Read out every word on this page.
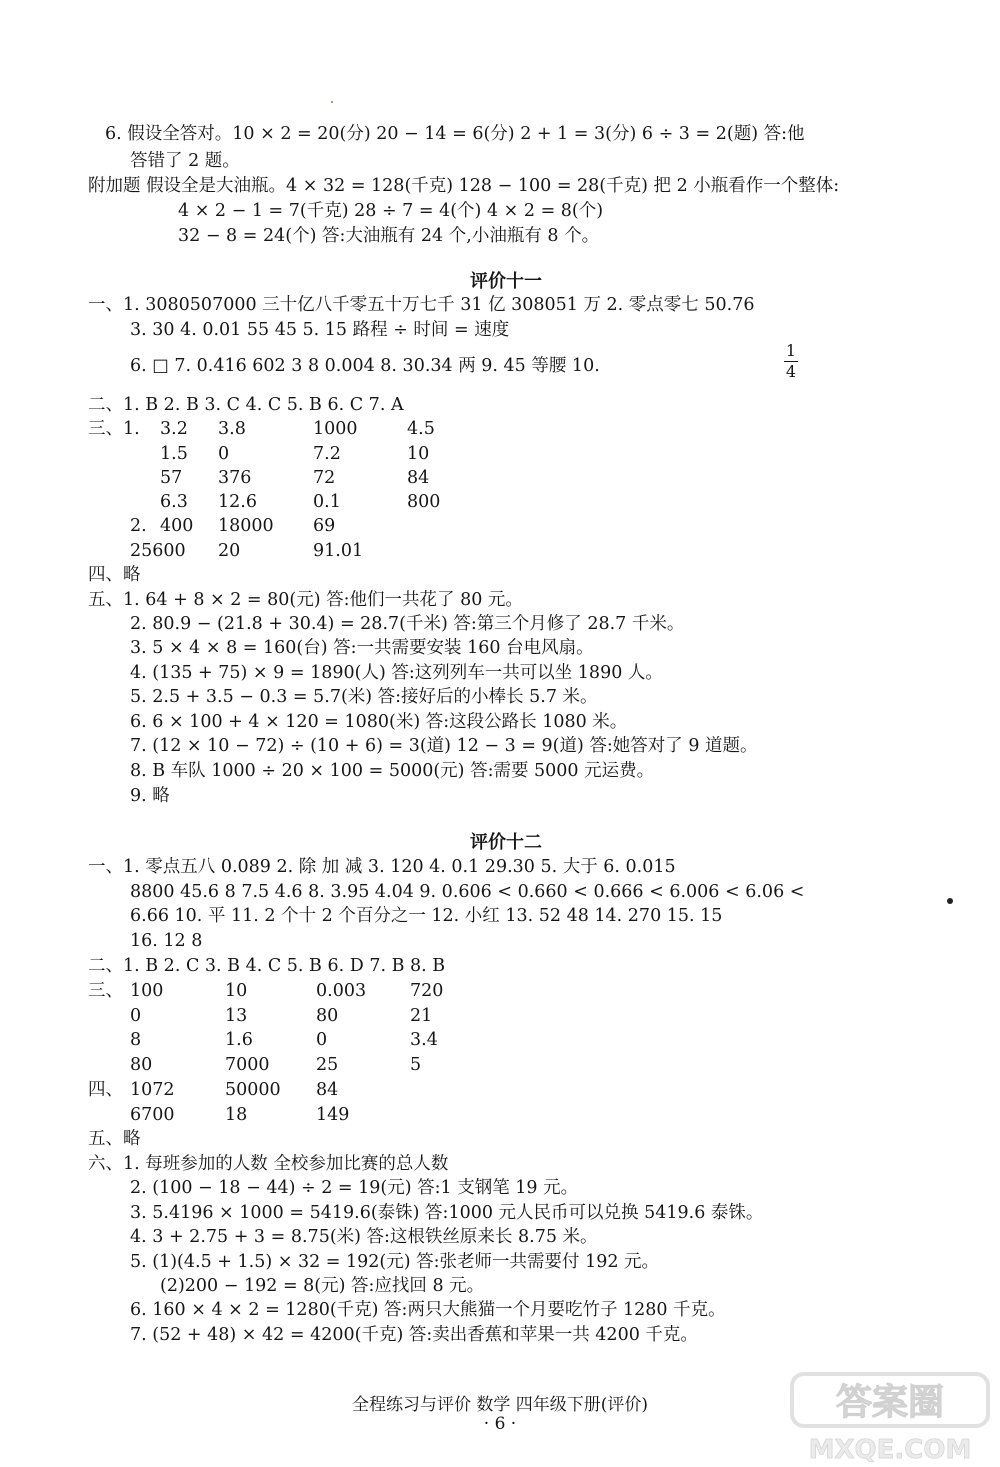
6. 假设全答对。10 × 2 = 20(分) 20 − 14 = 6(分) 2 + 1 = 3(分) 6 ÷ 3 = 2(题) 答:他
答错了 2 题。
附加题 假设全是大油瓶。4 × 32 = 128(千克) 128 − 100 = 28(千克) 把 2 小瓶看作一个整体:
4 × 2 − 1 = 7(千克) 28 ÷ 7 = 4(个) 4 × 2 = 8(个)
32 − 8 = 24(个) 答:大油瓶有 24 个,小油瓶有 8 个。
评价十一
一、1. 3080507000 三十亿八千零五十万七千 31 亿 308051 万 2. 零点零七 50.76
3. 30 4. 0.01 55 45 5. 15 路程 ÷ 时间 = 速度
6. □ 7. 0.416 602 3 8 0.004 8. 30.34 两 9. 45 等腰 10.
1
4
二、1. B 2. B 3. C 4. C 5. B 6. C 7. A
三、1. 3.2 3.8	1000	4.5
1.5 0	7.2	10
57 376	72	84
6.3 12.6	0.1	800
2. 400 18000 69
25600 20	91.01
四、略
五、1. 64 + 8 × 2 = 80(元) 答:他们一共花了 80 元。
2. 80.9 − (21.8 + 30.4) = 28.7(千米) 答:第三个月修了 28.7 千米。
3. 5 × 4 × 8 = 160(台) 答:一共需要安装 160 台电风扇。
4. (135 + 75) × 9 = 1890(人) 答:这列列车一共可以坐 1890 人。
5. 2.5 + 3.5 − 0.3 = 5.7(米) 答:接好后的小棒长 5.7 米。
6. 6 × 100 + 4 × 120 = 1080(米) 答:这段公路长 1080 米。
7. (12 × 10 − 72) ÷ (10 + 6) = 3(道) 12 − 3 = 9(道) 答:她答对了 9 道题。
8. B 车队 1000 ÷ 20 × 100 = 5000(元) 答:需要 5000 元运费。
9. 略
评价十二
一、1. 零点五八 0.089 2. 除 加 减 3. 120 4. 0.1 29.30 5. 大于 6. 0.015
8800 45.6 8 7.5 4.6 8. 3.95 4.04 9. 0.606 < 0.660 < 0.666 < 6.006 < 6.06 <
6.66 10. 平 11. 2 个十 2 个百分之一 12. 小红 13. 52 48 14. 270 15. 15
16. 12 8
二、1. B 2. C 3. B 4. C 5. B 6. D 7. B 8. B
三、 100	10	0.003	720
0	13	80	21
8	1.6	0	3.4
80	7000	25	5
四、 1072	50000 84
6700	18	149
五、略
六、1. 每班参加的人数 全校参加比赛的总人数
2. (100 − 18 − 44) ÷ 2 = 19(元) 答:1 支钢笔 19 元。
3. 5.4196 × 1000 = 5419.6(泰铢) 答:1000 元人民币可以兑换 5419.6 泰铢。
4. 3 + 2.75 + 3 = 8.75(米) 答:这根铁丝原来长 8.75 米。
5. (1)(4.5 + 1.5) × 32 = 192(元) 答:张老师一共需要付 192 元。
(2)200 − 192 = 8(元) 答:应找回 8 元。
6. 160 × 4 × 2 = 1280(千克) 答:两只大熊猫一个月要吃竹子 1280 千克。
7. (52 + 48) × 42 = 4200(千克) 答:卖出香蕉和苹果一共 4200 千克。
全程练习与评价 数学 四年级下册(评价)
· 6 ·
答案圈
MXQE.COM
